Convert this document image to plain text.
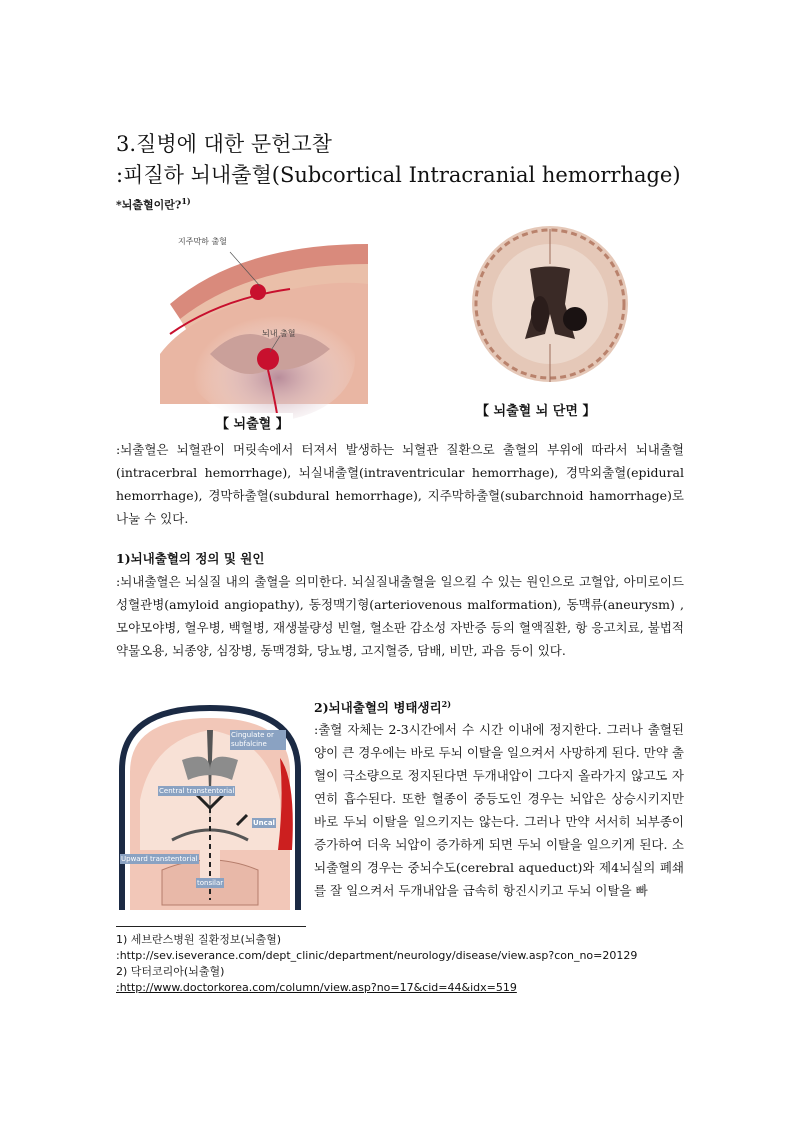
3.질병에 대한 문헌고찰
:피질하 뇌내출혈(Subcortical Intracranial hemorrhage)
*뇌출혈이란?$^{1)}$
지주막하 출혈
뇌내 출혈
【 뇌출혈 】
【 뇌출혈 뇌 단면 】
:뇌출혈은 뇌혈관이 머릿속에서 터져서 발생하는 뇌혈관 질환으로 출혈의 부위에 따라서 뇌내출혈(intracerbral hemorrhage), 뇌실내출혈(intraventricular hemorrhage), 경막외출혈(epidural hemorrhage), 경막하출혈(subdural hemorrhage), 지주막하출혈(subarchnoid hamorrhage)로 나눌 수 있다.
1)뇌내출혈의 정의 및 원인
:뇌내출혈은 뇌실질 내의 출혈을 의미한다. 뇌실질내출혈을 일으킬 수 있는 원인으로 고혈압, 아미로이드성혈관병(amyloid angiopathy), 동정맥기형(arteriovenous malformation), 동맥류(aneurysm) ,모야모야병, 혈우병, 백혈병, 재생불량성 빈혈, 혈소판 감소성 자반증 등의 혈액질환, 항 응고치료, 불법적 약물오용, 뇌종양, 심장병, 동맥경화, 당뇨병, 고지혈증, 담배, 비만, 과음 등이 있다.
2)뇌내출혈의 병태생리$^{2)}$
Cingulate or subfalcine
Central transtentorial
Uncal
Upward transtentorial
tonsilar
:출혈 자체는 2-3시간에서 수 시간 이내에 정지한다. 그러나 출혈된 양이 큰 경우에는 바로 두뇌 이탈을 일으켜서 사망하게 된다. 만약 출혈이 극소량으로 정지된다면 두개내압이 그다지 올라가지 않고도 자연히 흡수된다. 또한 혈종이 중등도인 경우는 뇌압은 상승시키지만 바로 두뇌 이탈을 일으키지는 않는다. 그러나 만약 서서히 뇌부종이 증가하여 더욱 뇌압이 증가하게 되면 두뇌 이탈을 일으키게 된다. 소뇌출혈의 경우는 중뇌수도(cerebral aqueduct)와 제4뇌실의 폐쇄를 잘 일으켜서 두개내압을 급속히 항진시키고 두뇌 이탈을 빠
1) 세브란스병원 질환정보(뇌출혈)
:http://sev.iseverance.com/dept_clinic/department/neurology/disease/view.asp?con_no=20129
2) 닥터코리아(뇌출혈)
:http://www.doctorkorea.com/column/view.asp?no=17&cid=44&idx=519
